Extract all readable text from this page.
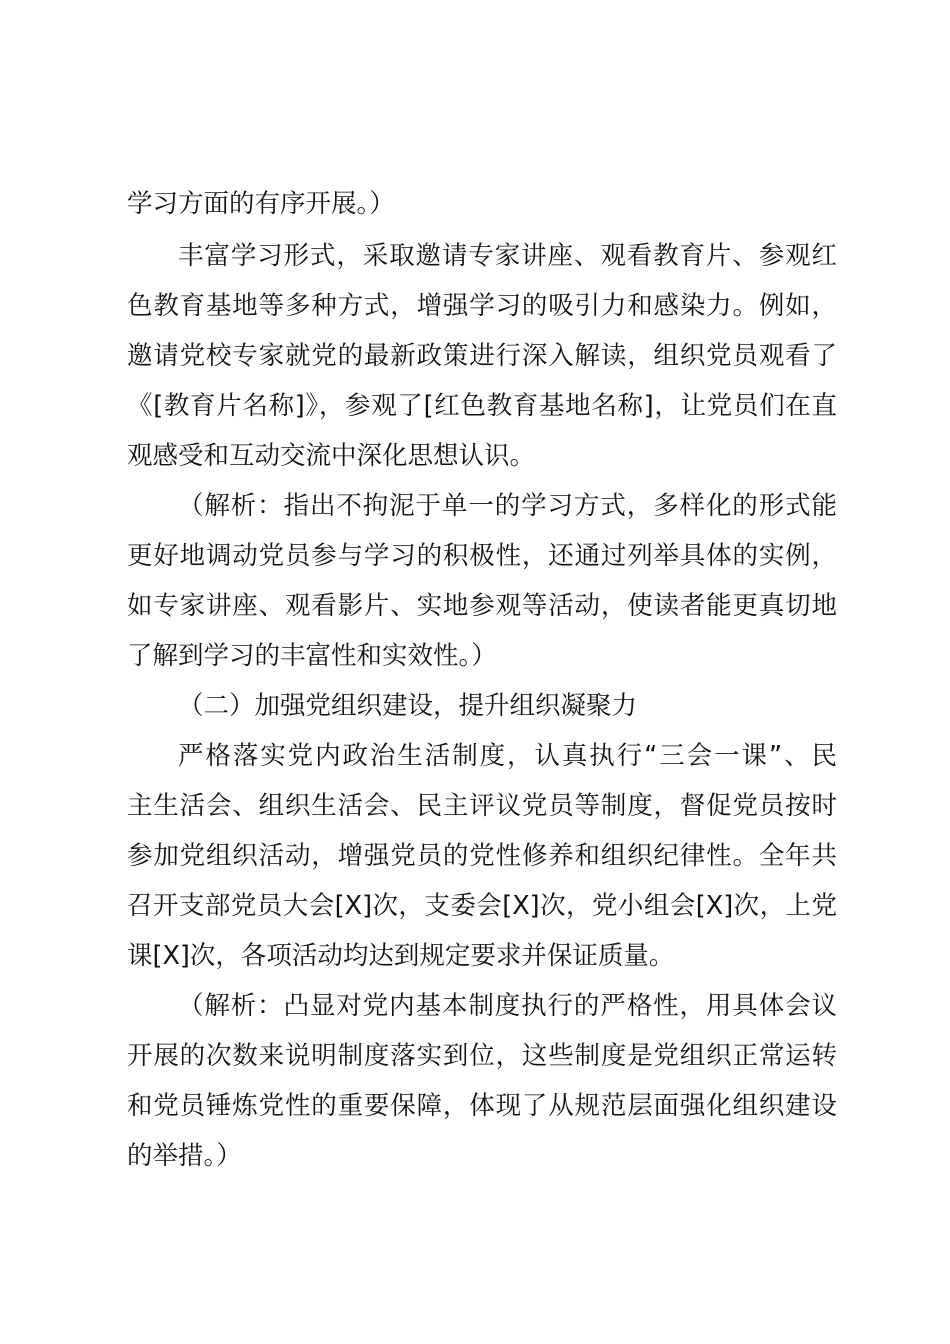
学习方面的有序开展。）
丰富学习形式，采取邀请专家讲座、观看教育片、参观红
色教育基地等多种方式，增强学习的吸引力和感染力。例如，
邀请党校专家就党的最新政策进行深入解读，组织党员观看了
《[教育片名称]》，参观了[红色教育基地名称]，让党员们在直
观感受和互动交流中深化思想认识。
（解析：指出不拘泥于单一的学习方式，多样化的形式能
更好地调动党员参与学习的积极性，还通过列举具体的实例，
如专家讲座、观看影片、实地参观等活动，使读者能更真切地
了解到学习的丰富性和实效性。）
（二）加强党组织建设，提升组织凝聚力
严格落实党内政治生活制度，认真执行“三会一课”、民
主生活会、组织生活会、民主评议党员等制度，督促党员按时
参加党组织活动，增强党员的党性修养和组织纪律性。全年共
召开支部党员大会[X]次，支委会[X]次，党小组会[X]次，上党
课[X]次，各项活动均达到规定要求并保证质量。
（解析：凸显对党内基本制度执行的严格性，用具体会议
开展的次数来说明制度落实到位，这些制度是党组织正常运转
和党员锤炼党性的重要保障，体现了从规范层面强化组织建设
的举措。）
